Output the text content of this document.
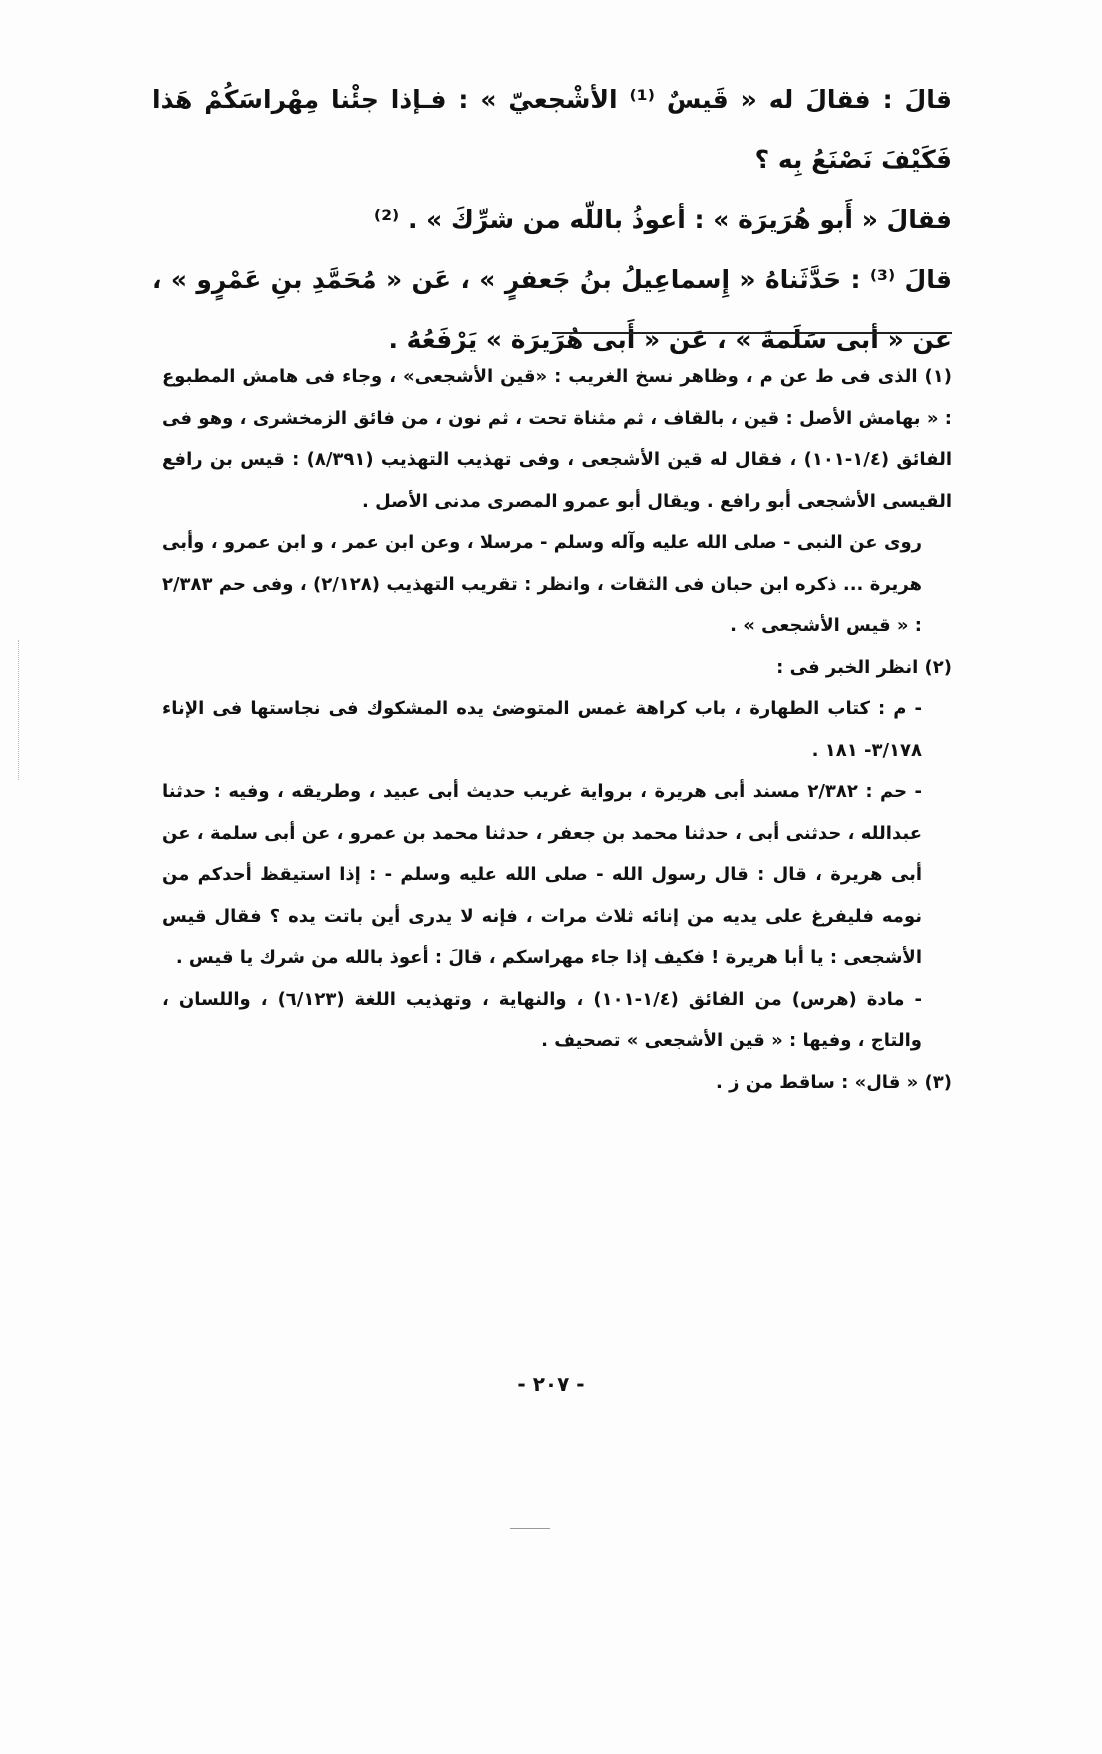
قالَ : فقالَ له « قَيسٌ ⁽¹⁾ الأشْجعيّ » : فـإذا جئْنا مِهْراسَكُمْ هَذا فَكَيْفَ نَصْنَعُ بِه ؟

فقالَ « أَبو هُرَيرَة » : أعوذُ باللّه من شرِّكَ » . ⁽²⁾

قالَ ⁽³⁾ : حَدَّثَناهُ « إِسماعِيلُ بنُ جَعفرٍ » ، عَن « مُحَمَّدِ بنِ عَمْرٍو » ، عن « أبى سَلَمةَ » ، عَن « أَبى هُرَيرَة » يَرْفَعُهُ .

(١) الذى فى ط عن م ، وظاهر نسخ الغريب : «قين الأشجعى» ، وجاء فى هامش المطبوع : « بهامش الأصل : قين ، بالقاف ، ثم مثناة تحت ، ثم نون ، من فائق الزمخشرى ، وهو فى الفائق (١/٤-١٠١) ، فقال له قين الأشجعى ، وفى تهذيب التهذيب (٨/٣٩١) : قيس بن رافع القيسى الأشجعى أبو رافع . ويقال أبو عمرو المصرى مدنى الأصل .

روى عن النبى - صلى الله عليه وآله وسلم - مرسلا ، وعن ابن عمر ، و ابن عمرو ، وأبى هريرة ... ذكره ابن حبان فى الثقات ، وانظر : تقريب التهذيب (٢/١٢٨) ، وفى حم ٢/٣٨٣ : « قيس الأشجعى » .

(٢) انظر الخبر فى :

- م : كتاب الطهارة ، باب كراهة غمس المتوضئ يده المشكوك فى نجاستها فى الإناء ٣/١٧٨- ١٨١ .

- حم : ٢/٣٨٢ مسند أبى هريرة ، برواية غريب حديث أبى عبيد ، وطريقه ، وفيه : حدثنا عبدالله ، حدثنى أبى ، حدثنا محمد بن جعفر ، حدثنا محمد بن عمرو ، عن أبى سلمة ، عن أبى هريرة ، قال : قال رسول الله - صلى الله عليه وسلم - : إذا استيقظ أحدكم من نومه فليفرغ على يديه من إنائه ثلاث مرات ، فإنه لا يدرى أين باتت يده ؟ فقال قيس الأشجعى : يا أبا هريرة ! فكيف إذا جاء مهراسكم ، قالَ : أعوذ بالله من شرك يا قيس .

- مادة (هرس) من الفائق (١/٤-١٠١) ، والنهاية ، وتهذيب اللغة (٦/١٢٣) ، واللسان ، والتاج ، وفيها : « قين الأشجعى » تصحيف .

(٣) « قال» : ساقط من ز .

- ٢٠٧ -
